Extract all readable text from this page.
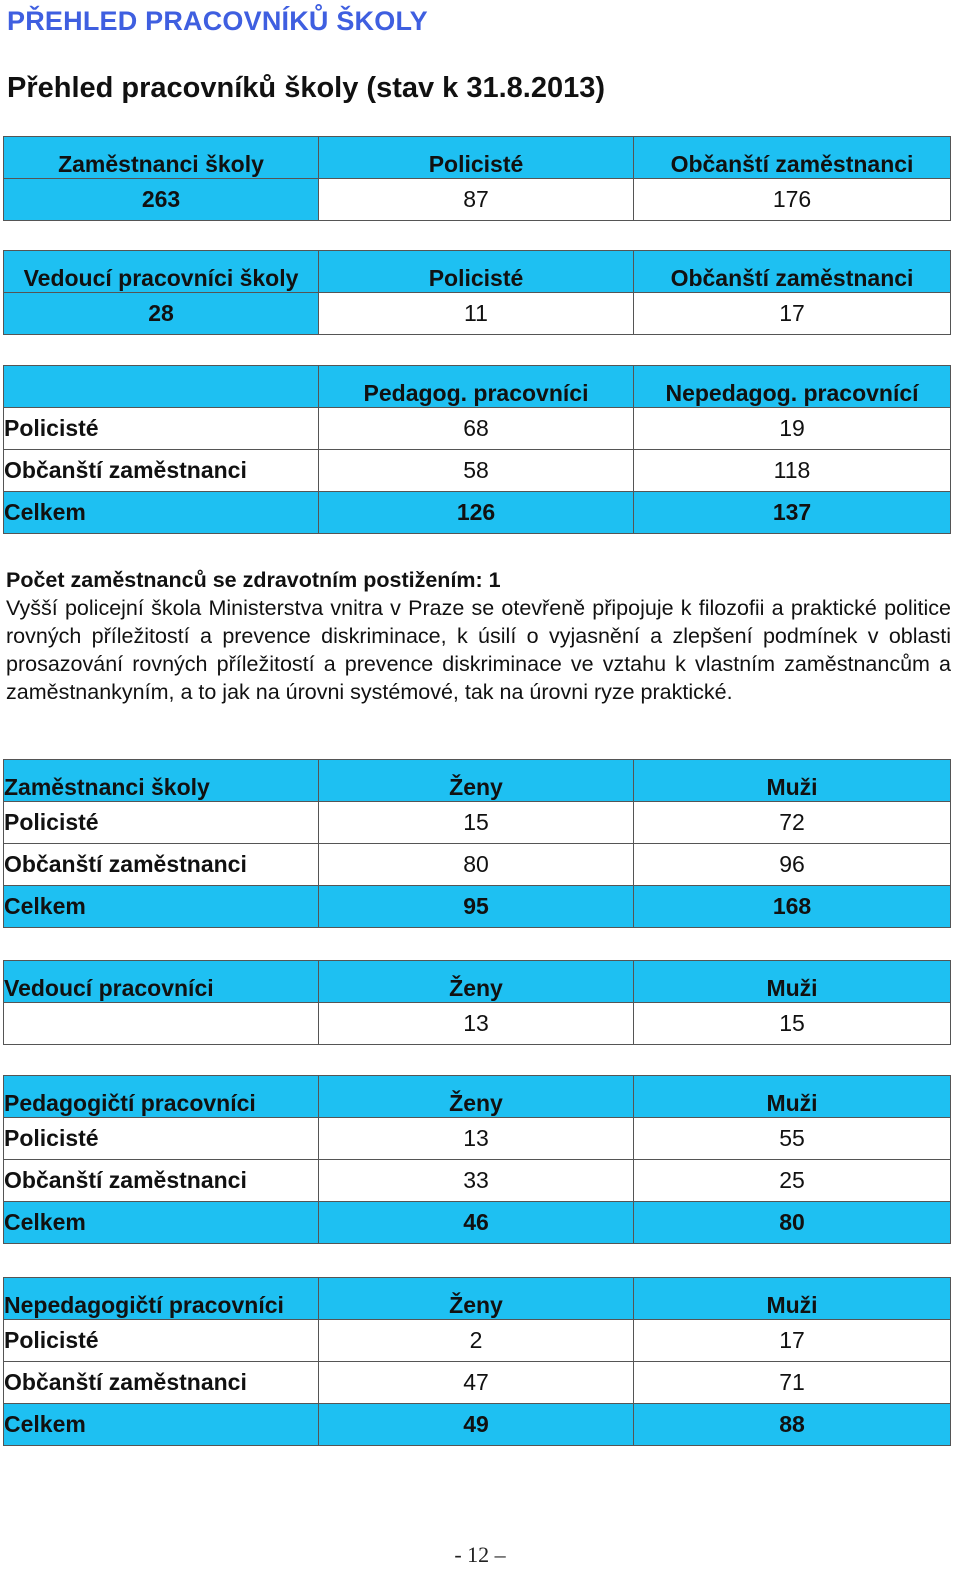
PŘEHLED PRACOVNÍKŮ ŠKOLY
Přehled pracovníků školy (stav k 31.8.2013)
Zaměstnanci školy	Policisté	Občanští zaměstnanci
263	87	176
Vedoucí pracovníci školy	Policisté	Občanští zaměstnanci
28	11	17
	Pedagog. pracovníci	Nepedagog. pracovnící
Policisté	68	19
Občanští zaměstnanci	58	118
Celkem	126	137
Počet zaměstnanců se zdravotním postižením: 1
Vyšší policejní škola Ministerstva vnitra v Praze se otevřeně připojuje k filozofii a praktické politice rovných příležitostí a prevence diskriminace, k úsilí o vyjasnění a zlepšení podmínek v oblasti prosazování rovných příležitostí a prevence diskriminace ve vztahu k vlastním zaměstnancům a zaměstnankyním, a to jak na úrovni systémové, tak na úrovni ryze praktické.
Zaměstnanci školy	Ženy	Muži
Policisté	15	72
Občanští zaměstnanci	80	96
Celkem	95	168
Vedoucí pracovníci	Ženy	Muži
	13	15
Pedagogičtí pracovníci	Ženy	Muži
Policisté	13	55
Občanští zaměstnanci	33	25
Celkem	46	80
Nepedagogičtí pracovníci	Ženy	Muži
Policisté	2	17
Občanští zaměstnanci	47	71
Celkem	49	88
- 12 –
